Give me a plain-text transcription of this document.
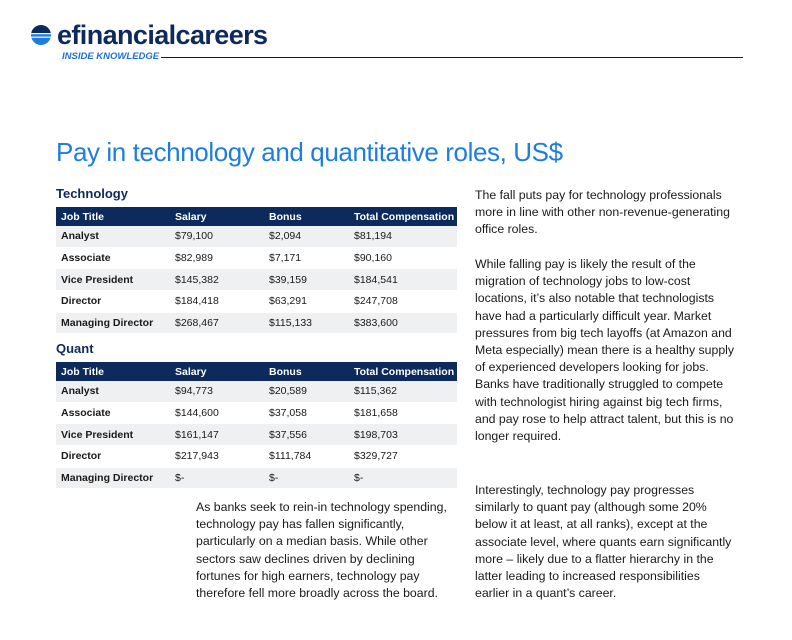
efinancialcareers
INSIDE KNOWLEDGE
Pay in technology and quantitative roles, US$
Technology
Job Title	Salary	Bonus	Total Compensation
Analyst	$79,100	$2,094	$81,194
Associate	$82,989	$7,171	$90,160
Vice President	$145,382	$39,159	$184,541
Director	$184,418	$63,291	$247,708
Managing Director	$268,467	$115,133	$383,600
Quant
Job Title	Salary	Bonus	Total Compensation
Analyst	$94,773	$20,589	$115,362
Associate	$144,600	$37,058	$181,658
Vice President	$161,147	$37,556	$198,703
Director	$217,943	$111,784	$329,727
Managing Director	$-	$-	$-
As banks seek to rein-in technology spending, technology pay has fallen significantly, particularly on a median basis. While other sectors saw declines driven by declining fortunes for high earners, technology pay therefore fell more broadly across the board.
The fall puts pay for technology professionals more in line with other non-revenue-generating office roles.
While falling pay is likely the result of the migration of technology jobs to low-cost locations, it’s also notable that technologists have had a particularly difficult year. Market pressures from big tech layoffs (at Amazon and Meta especially) mean there is a healthy supply of experienced developers looking for jobs. Banks have traditionally struggled to compete with technologist hiring against big tech firms, and pay rose to help attract talent, but this is no longer required.
Interestingly, technology pay progresses similarly to quant pay (although some 20% below it at least, at all ranks), except at the associate level, where quants earn significantly more – likely due to a flatter hierarchy in the latter leading to increased responsibilities earlier in a quant’s career.
